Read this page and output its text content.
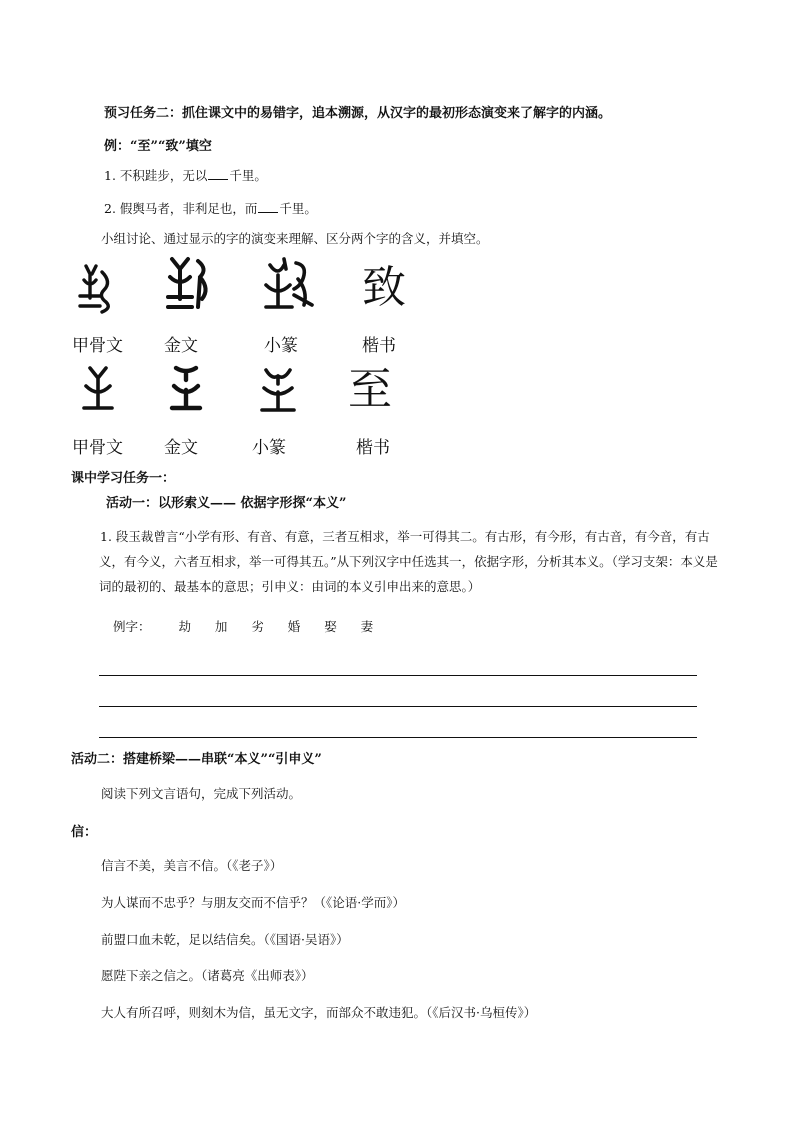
预习任务二：抓住课文中的易错字，追本溯源，从汉字的最初形态演变来了解字的内涵。
例：“至”“致”填空
1. 不积跬步，无以 千里。
2. 假舆马者，非利足也，而 千里。
小组讨论、通过显示的字的演变来理解、区分两个字的含义，并填空。
致
甲骨文 金文	小篆	楷书
至
甲骨文 金文	小篆	楷书
课中学习任务一：
活动一：以形索义—— 依据字形探“本义”
1. 段玉裁曾言“小学有形、有音、有意，三者互相求，举一可得其二。有古形，有今形，有古音，有今音，有古义，有今义，六者互相求，举一可得其五。”从下列汉字中任选其一，依据字形，分析其本义。（学习支架：本义是词的最初的、最基本的意思；引申义：由词的本义引申出来的意思。）
例字： 劫 加 劣 婚 娶 妻
活动二：搭建桥梁——串联“本义”“引申义”
阅读下列文言语句，完成下列活动。
信：
信言不美，美言不信。（《老子》）
为人谋而不忠乎？与朋友交而不信乎？（《论语·学而》）
前盟口血未乾，足以结信矣。（《国语·吴语》）
愿陛下亲之信之。（诸葛亮《出师表》）
大人有所召呼，则刻木为信，虽无文字，而部众不敢违犯。（《后汉书·乌桓传》）
